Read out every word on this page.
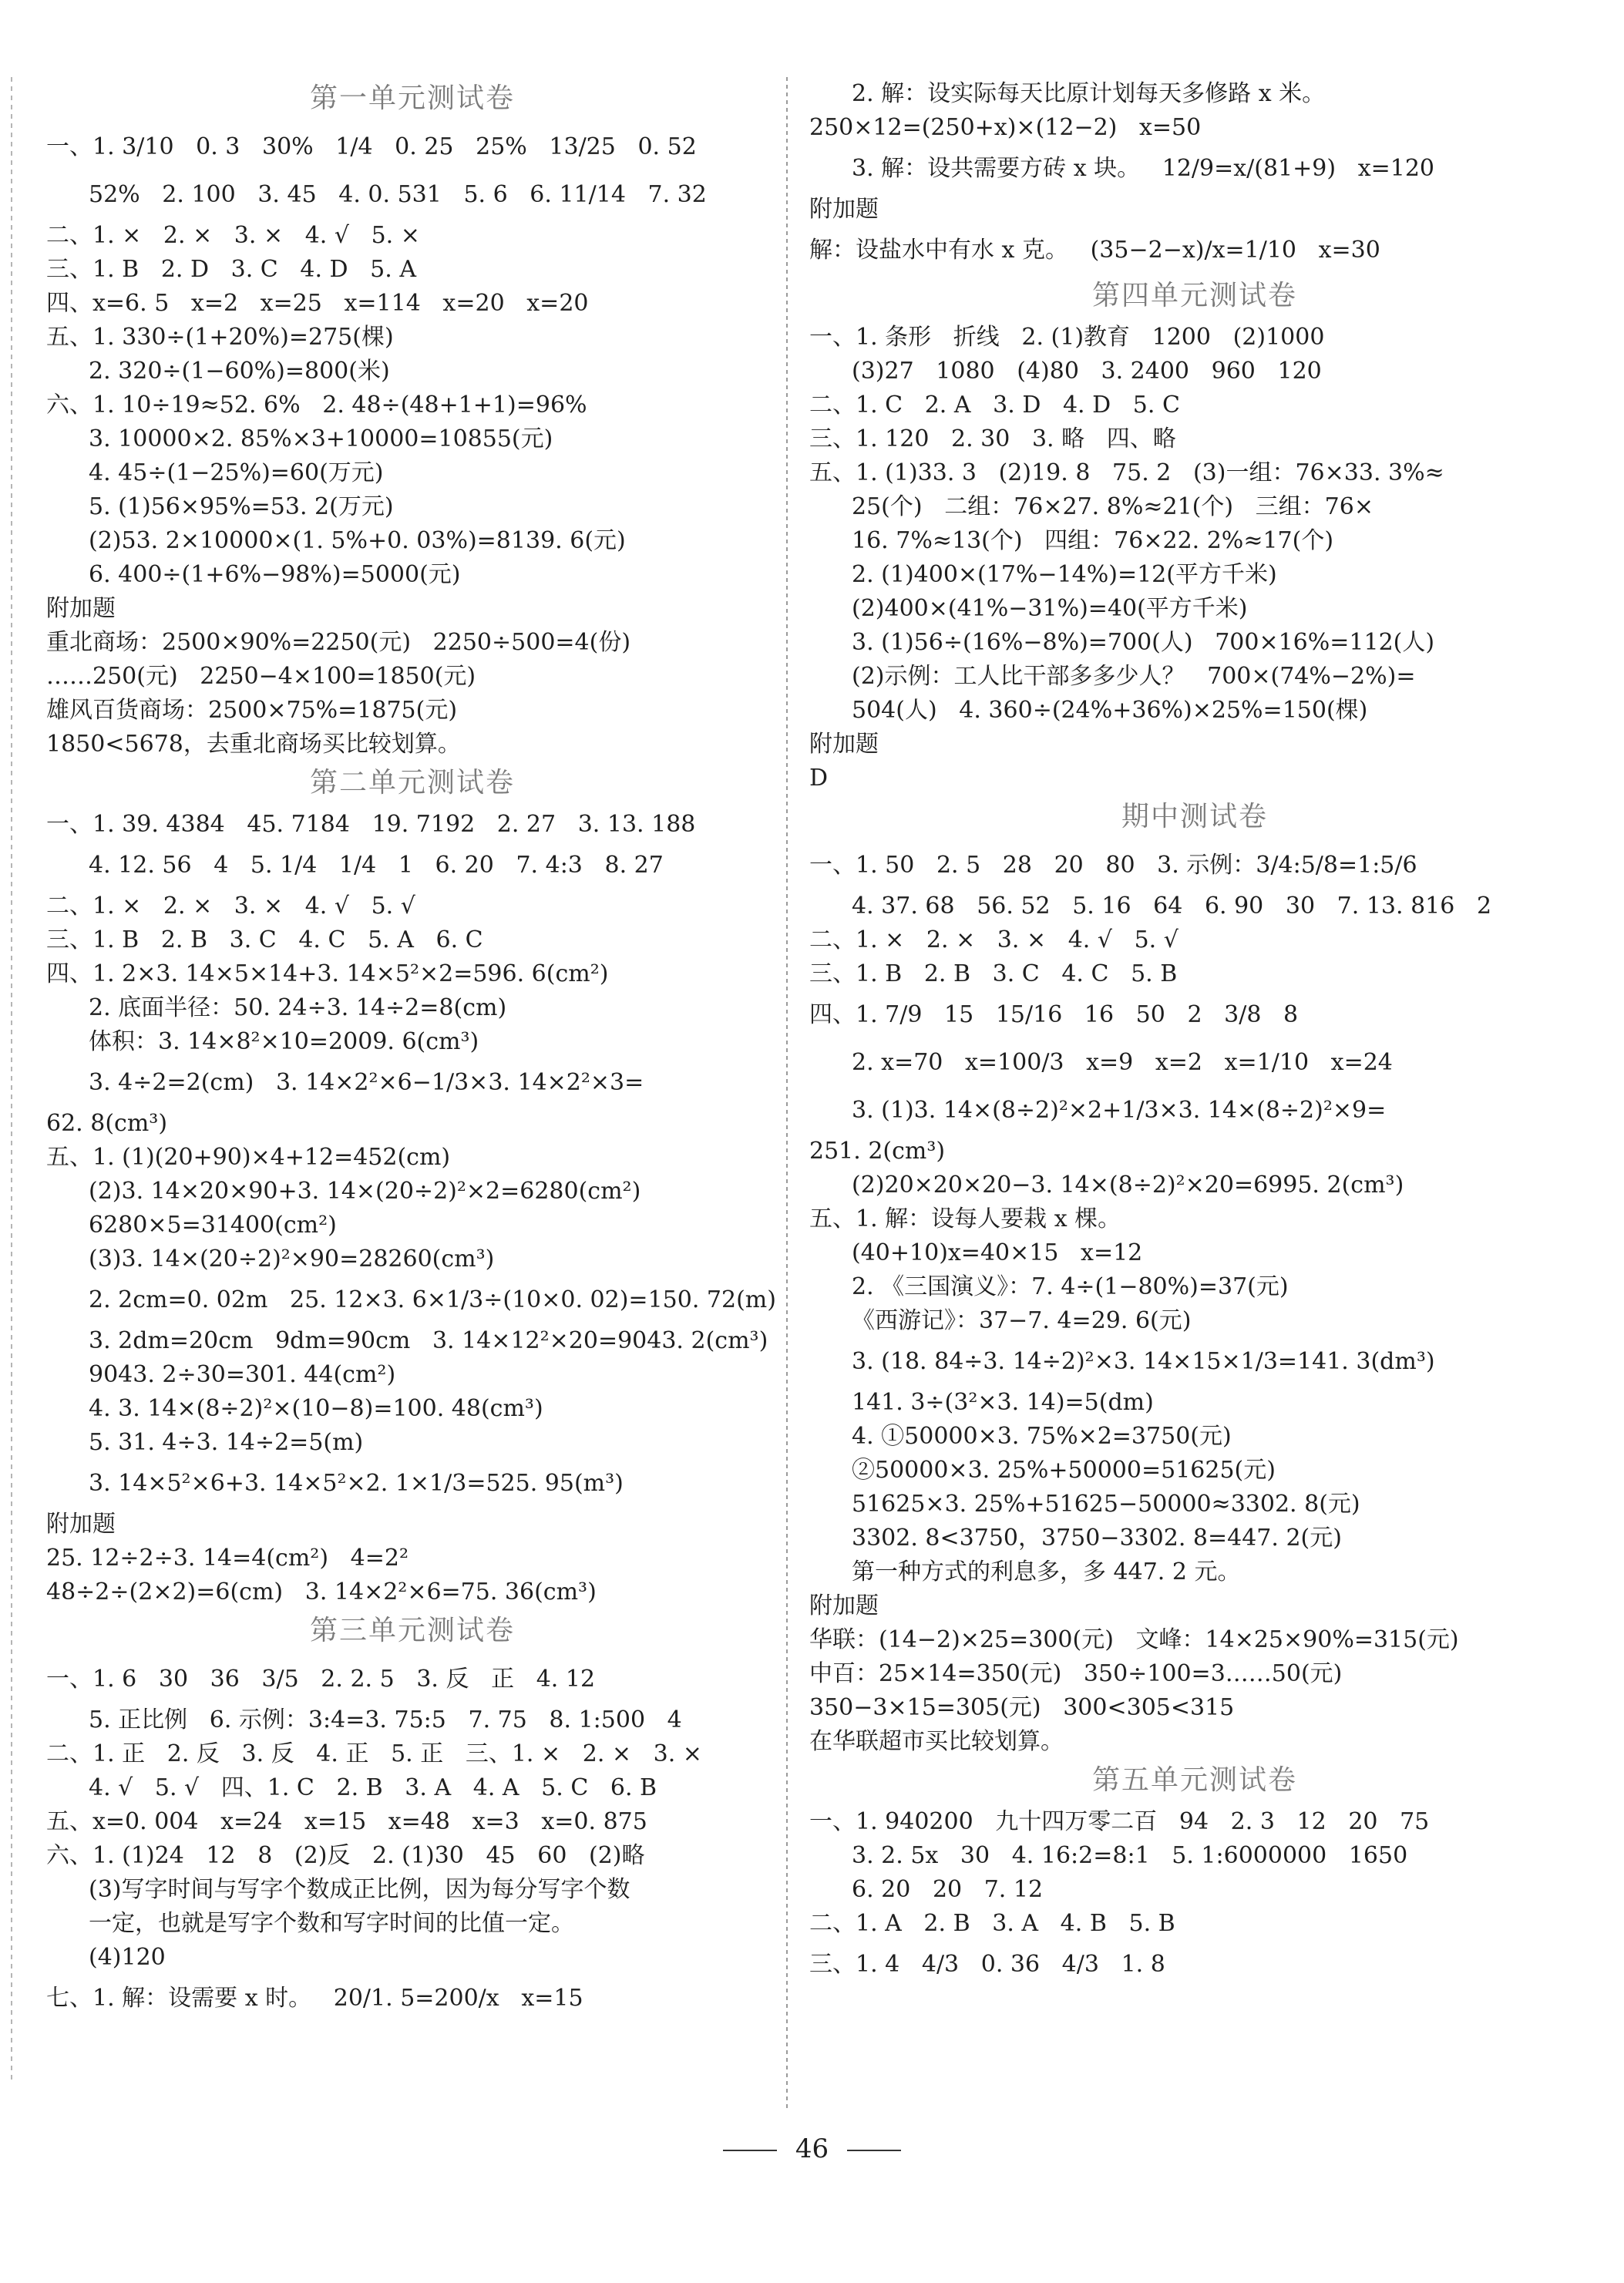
第一单元测试卷

一、1. 3/10   0. 3   30%   1/4   0. 25   25%   13/25   0. 52

52%   2. 100   3. 45   4. 0. 531   5. 6   6. 11/14   7. 32

二、1. ×   2. ×   3. ×   4. √   5. ×

三、1. B   2. D   3. C   4. D   5. A

四、x=6. 5   x=2   x=25   x=114   x=20   x=20

五、1. 330÷(1+20%)=275(棵)

2. 320÷(1−60%)=800(米)

六、1. 10÷19≈52. 6%   2. 48÷(48+1+1)=96%

3. 10000×2. 85%×3+10000=10855(元)

4. 45÷(1−25%)=60(万元)

5. (1)56×95%=53. 2(万元)

(2)53. 2×10000×(1. 5%+0. 03%)=8139. 6(元)

6. 400÷(1+6%−98%)=5000(元)

附加题

重北商场：2500×90%=2250(元)   2250÷500=4(份)

……250(元)   2250−4×100=1850(元)

雄风百货商场：2500×75%=1875(元)

1850<5678，去重北商场买比较划算。

第二单元测试卷

一、1. 39. 4384   45. 7184   19. 7192   2. 27   3. 13. 188

4. 12. 56   4   5. 1/4   1/4   1   6. 20   7. 4:3   8. 27

二、1. ×   2. ×   3. ×   4. √   5. √

三、1. B   2. B   3. C   4. C   5. A   6. C

四、1. 2×3. 14×5×14+3. 14×5²×2=596. 6(cm²)

2. 底面半径：50. 24÷3. 14÷2=8(cm)

体积：3. 14×8²×10=2009. 6(cm³)

3. 4÷2=2(cm)   3. 14×2²×6−1/3×3. 14×2²×3=

62. 8(cm³)

五、1. (1)(20+90)×4+12=452(cm)

(2)3. 14×20×90+3. 14×(20÷2)²×2=6280(cm²)

6280×5=31400(cm²)

(3)3. 14×(20÷2)²×90=28260(cm³)

2. 2cm=0. 02m   25. 12×3. 6×1/3÷(10×0. 02)=150. 72(m)

3. 2dm=20cm   9dm=90cm   3. 14×12²×20=9043. 2(cm³)

9043. 2÷30=301. 44(cm²)

4. 3. 14×(8÷2)²×(10−8)=100. 48(cm³)

5. 31. 4÷3. 14÷2=5(m)

3. 14×5²×6+3. 14×5²×2. 1×1/3=525. 95(m³)

附加题

25. 12÷2÷3. 14=4(cm²)   4=2²

48÷2÷(2×2)=6(cm)   3. 14×2²×6=75. 36(cm³)

第三单元测试卷

一、1. 6   30   36   3/5   2. 2. 5   3. 反   正   4. 12

5. 正比例   6. 示例：3:4=3. 75:5   7. 75   8. 1:500   4

二、1. 正   2. 反   3. 反   4. 正   5. 正   三、1. ×   2. ×   3. ×

4. √   5. √   四、1. C   2. B   3. A   4. A   5. C   6. B

五、x=0. 004   x=24   x=15   x=48   x=3   x=0. 875

六、1. (1)24   12   8   (2)反   2. (1)30   45   60   (2)略

(3)写字时间与写字个数成正比例，因为每分写字个数

一定，也就是写字个数和写字时间的比值一定。

(4)120

七、1. 解：设需要 x 时。   20/1. 5=200/x   x=15

2. 解：设实际每天比原计划每天多修路 x 米。

250×12=(250+x)×(12−2)   x=50

3. 解：设共需要方砖 x 块。   12/9=x/(81+9)   x=120

附加题

解：设盐水中有水 x 克。   (35−2−x)/x=1/10   x=30

第四单元测试卷

一、1. 条形   折线   2. (1)教育   1200   (2)1000

(3)27   1080   (4)80   3. 2400   960   120

二、1. C   2. A   3. D   4. D   5. C

三、1. 120   2. 30   3. 略   四、略

五、1. (1)33. 3   (2)19. 8   75. 2   (3)一组：76×33. 3%≈

25(个)   二组：76×27. 8%≈21(个)   三组：76×

16. 7%≈13(个)   四组：76×22. 2%≈17(个)

2. (1)400×(17%−14%)=12(平方千米)

(2)400×(41%−31%)=40(平方千米)

3. (1)56÷(16%−8%)=700(人)   700×16%=112(人)

(2)示例：工人比干部多多少人？   700×(74%−2%)=

504(人)   4. 360÷(24%+36%)×25%=150(棵)

附加题

D

期中测试卷

一、1. 50   2. 5   28   20   80   3. 示例：3/4:5/8=1:5/6

4. 37. 68   56. 52   5. 16   64   6. 90   30   7. 13. 816   2

二、1. ×   2. ×   3. ×   4. √   5. √

三、1. B   2. B   3. C   4. C   5. B

四、1. 7/9   15   15/16   16   50   2   3/8   8

2. x=70   x=100/3   x=9   x=2   x=1/10   x=24

3. (1)3. 14×(8÷2)²×2+1/3×3. 14×(8÷2)²×9=

251. 2(cm³)

(2)20×20×20−3. 14×(8÷2)²×20=6995. 2(cm³)

五、1. 解：设每人要栽 x 棵。

(40+10)x=40×15   x=12

2. 《三国演义》：7. 4÷(1−80%)=37(元)

《西游记》：37−7. 4=29. 6(元)

3. (18. 84÷3. 14÷2)²×3. 14×15×1/3=141. 3(dm³)

141. 3÷(3²×3. 14)=5(dm)

4. ①50000×3. 75%×2=3750(元)

②50000×3. 25%+50000=51625(元)

51625×3. 25%+51625−50000≈3302. 8(元)

3302. 8<3750，3750−3302. 8=447. 2(元)

第一种方式的利息多，多 447. 2 元。

附加题

华联：(14−2)×25=300(元)   文峰：14×25×90%=315(元)

中百：25×14=350(元)   350÷100=3……50(元)

350−3×15=305(元)   300<305<315

在华联超市买比较划算。

第五单元测试卷

一、1. 940200   九十四万零二百   94   2. 3   12   20   75

3. 2. 5x   30   4. 16:2=8:1   5. 1:6000000   1650

6. 20   20   7. 12

二、1. A   2. B   3. A   4. B   5. B

三、1. 4   4/3   0. 36   4/3   1. 8

46
